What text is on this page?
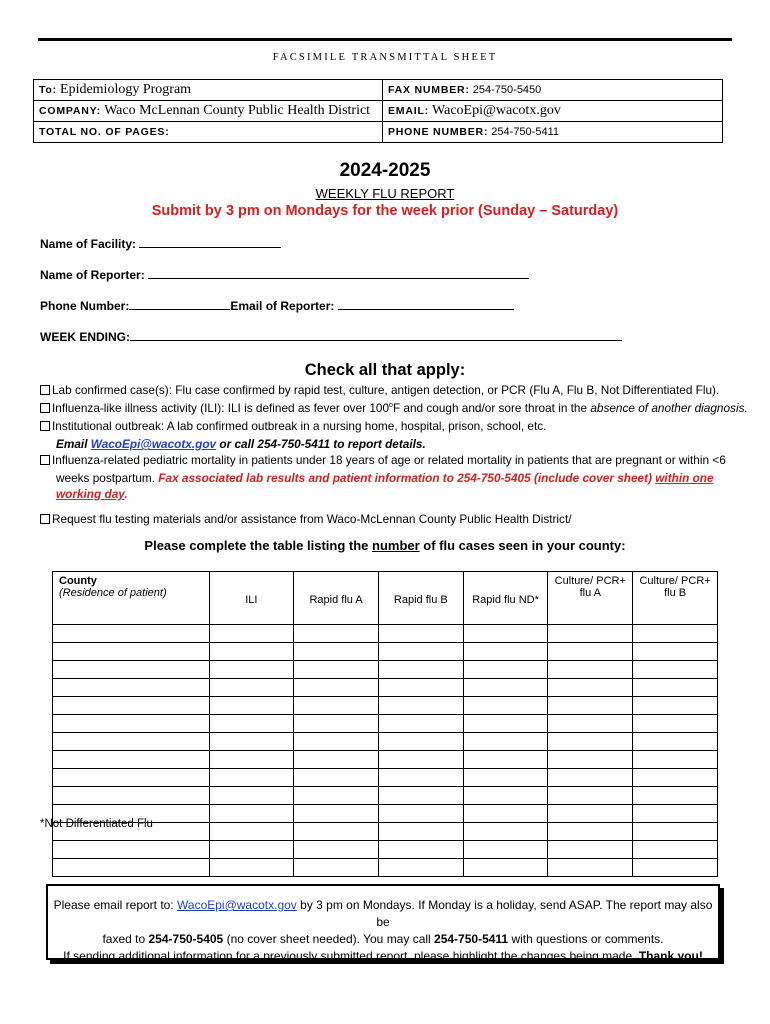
FACSIMILE TRANSMITTAL SHEET
To: Epidemiology Program	FAX NUMBER: 254-750-5450
COMPANY: Waco McLennan County Public Health District	EMAIL: WacoEpi@wacotx.gov
TOTAL NO. OF PAGES:	PHONE NUMBER: 254-750-5411
2024-2025
WEEKLY FLU REPORT
Submit by 3 pm on Mondays for the week prior (Sunday – Saturday)
Name of Facility:
Name of Reporter:
Phone Number:	Email of Reporter:
WEEK ENDING:
Check all that apply:
Lab confirmed case(s): Flu case confirmed by rapid test, culture, antigen detection, or PCR (Flu A, Flu B, Not Differentiated Flu).
Influenza-like illness activity (ILI): ILI is defined as fever over 100$^o$F and cough and/or sore throat in the absence of another diagnosis.
Institutional outbreak: A lab confirmed outbreak in a nursing home, hospital, prison, school, etc.
Email WacoEpi@wacotx.gov or call 254-750-5411 to report details.
Influenza-related pediatric mortality in patients under 18 years of age or related mortality in patients that are pregnant or within <6
weeks postpartum. Fax associated lab results and patient information to 254-750-5405 (include cover sheet) within one
working day.
Request flu testing materials and/or assistance from Waco-McLennan County Public Health District/
Please complete the table listing the number of flu cases seen in your county:
County
(Residence of patient)	ILI	Rapid flu A	Rapid flu B	Rapid flu ND*	Culture/ PCR+ flu A	Culture/ PCR+ flu B

*Not Differentiated Flu
Please email report to: WacoEpi@wacotx.gov by 3 pm on Mondays. If Monday is a holiday, send ASAP. The report may also be
faxed to 254-750-5405 (no cover sheet needed). You may call 254-750-5411 with questions or comments.
If sending additional information for a previously submitted report, please highlight the changes being made. Thank you!
